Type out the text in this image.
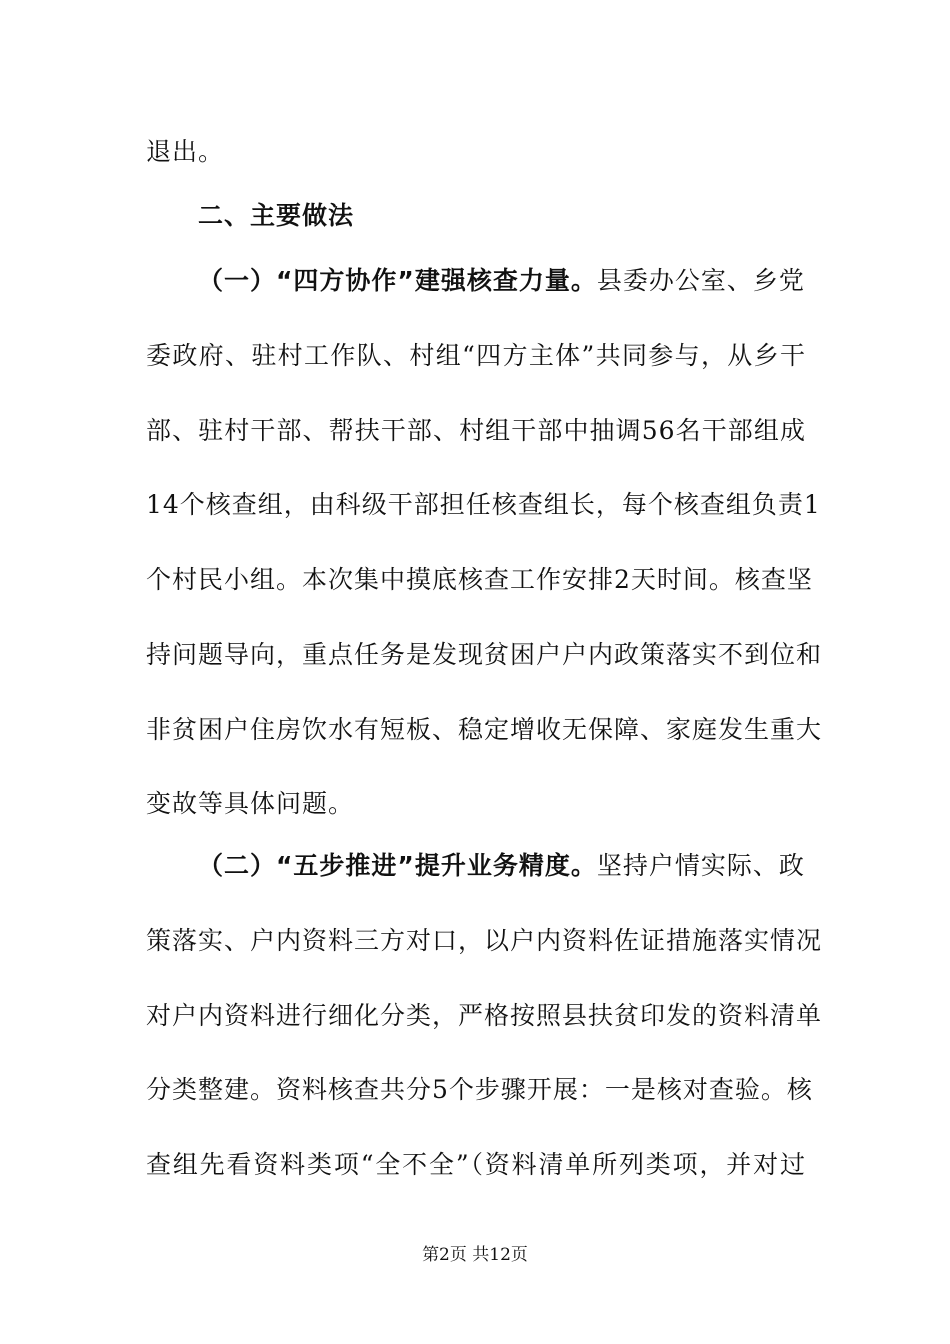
退出。
二、主要做法
（一）“四方协作”建强核查力量。县委办公室、乡党
委政府、驻村工作队、村组“四方主体”共同参与，从乡干
部、驻村干部、帮扶干部、村组干部中抽调56名干部组成
14个核查组，由科级干部担任核查组长，每个核查组负责1
个村民小组。本次集中摸底核查工作安排2天时间。核查坚
持问题导向，重点任务是发现贫困户户内政策落实不到位和
非贫困户住房饮水有短板、稳定增收无保障、家庭发生重大
变故等具体问题。
（二）“五步推进”提升业务精度。坚持户情实际、政
策落实、户内资料三方对口，以户内资料佐证措施落实情况
对户内资料进行细化分类，严格按照县扶贫印发的资料清单
分类整建。资料核查共分5个步骤开展：一是核对查验。核
查组先看资料类项“全不全”（资料清单所列类项，并对过
第2页 共12页
